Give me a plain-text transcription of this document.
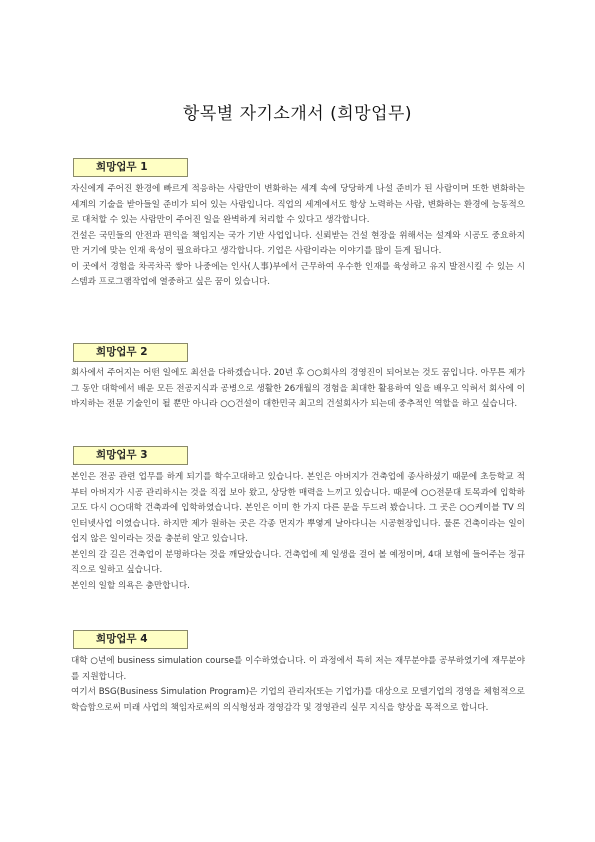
항목별 자기소개서 (희망업무)
희망업무 1

자신에게 주어진 환경에 빠르게 적응하는 사람만이 변화하는 세계 속에 당당하게 나설 준비가 된 사람이며 또한 변화하는 세계의 기술을 받아들일 준비가 되어 있는 사람입니다. 직업의 세계에서도 항상 노력하는 사람, 변화하는 환경에 능동적으로 대처할 수 있는 사람만이 주어진 일을 완벽하게 처리할 수 있다고 생각합니다.

건설은 국민들의 안전과 편익을 책임지는 국가 기반 사업입니다. 신뢰받는 건설 현장을 위해서는 설계와 시공도 중요하지만 거기에 맞는 인재 육성이 필요하다고 생각합니다. 기업은 사람이라는 이야기를 많이 듣게 됩니다.

이 곳에서 경험을 차곡차곡 쌓아 나중에는 인사(人事)부에서 근무하여 우수한 인재를 육성하고 유지 발전시킬 수 있는 시스템과 프로그램작업에 열중하고 싶은 꿈이 있습니다.

희망업무 2

회사에서 주어지는 어떤 일에도 최선을 다하겠습니다. 20년 후 ○○회사의 경영진이 되어보는 것도 꿈입니다. 아무튼 제가 그 동안 대학에서 배운 모든 전공지식과 공병으로 생활한 26개월의 경험을 최대한 활용하여 일을 배우고 익혀서 회사에 이바지하는 전문 기술인이 될 뿐만 아니라 ○○건설이 대한민국 최고의 건설회사가 되는데 중추적인 역할을 하고 싶습니다.

희망업무 3

본인은 전공 관련 업무를 하게 되기를 학수고대하고 있습니다. 본인은 아버지가 건축업에 종사하셨기 때문에 초등학교 적부터 아버지가 시공 관리하시는 것을 직접 보아 왔고, 상당한 매력을 느끼고 있습니다. 때문에 ○○전문대 토목과에 입학하고도 다시 ○○대학 건축과에 입학하였습니다. 본인은 이미 한 가지 다른 문을 두드려 봤습니다. 그 곳은 ○○케이블 TV 의 인터넷사업 이였습니다. 하지만 제가 원하는 곳은 각종 먼지가 뿌옇게 날아다니는 시공현장입니다. 물론 건축이라는 일이 쉽지 않은 일이라는 것을 충분히 알고 있습니다.

본인의 갈 길은 건축업이 분명하다는 것을 깨달았습니다. 건축업에 제 일생을 걸어 볼 예정이며, 4대 보험에 들어주는 정규직으로 일하고 싶습니다.

본인의 일할 의욕은 충만합니다.

희망업무 4

대학 ○년에 business simulation course를 이수하였습니다. 이 과정에서 특히 저는 재무분야를 공부하였기에 재무분야를 지원합니다.

여기서 BSG(Business Simulation Program)은 기업의 관리자(또는 기업가)를 대상으로 모델기업의 경영을 체험적으로 학습함으로써 미래 사업의 책임자로써의 의식형성과 경영감각 및 경영관리 실무 지식을 향상을 목적으로 합니다.
